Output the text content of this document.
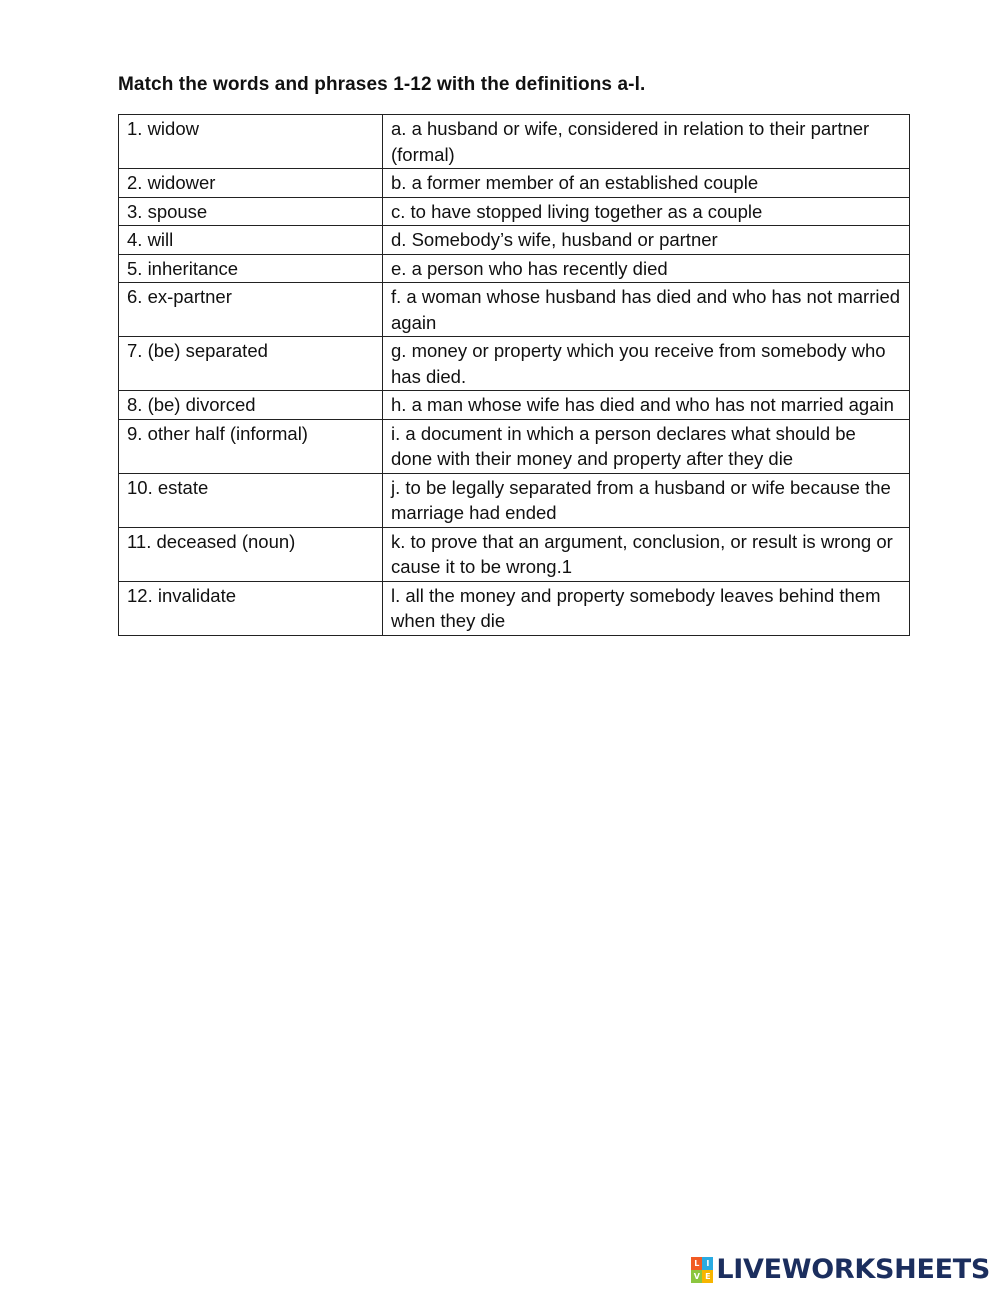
Match the words and phrases 1-12 with the definitions a-l.
1. widow	a. a husband or wife, considered in relation to their partner (formal)
2. widower	b. a former member of an established couple
3. spouse	c. to have stopped living together as a couple
4. will	d. Somebody’s wife, husband or partner
5. inheritance	e. a person who has recently died
6. ex-partner	f. a woman whose husband has died and who has not married again
7. (be) separated	g. money or property which you receive from somebody who has died.
8. (be) divorced	h. a man whose wife has died and who has not married again
9. other half (informal)	i. a document in which a person declares what should be done with their money and property after they die
10. estate	j. to be legally separated from a husband or wife because the marriage had ended
11. deceased (noun)	k. to prove that an argument, conclusion, or result is wrong or cause it to be wrong.1
12. invalidate	l. all the money and property somebody leaves behind them when they die
L I
V E LIVEWORKSHEETS
